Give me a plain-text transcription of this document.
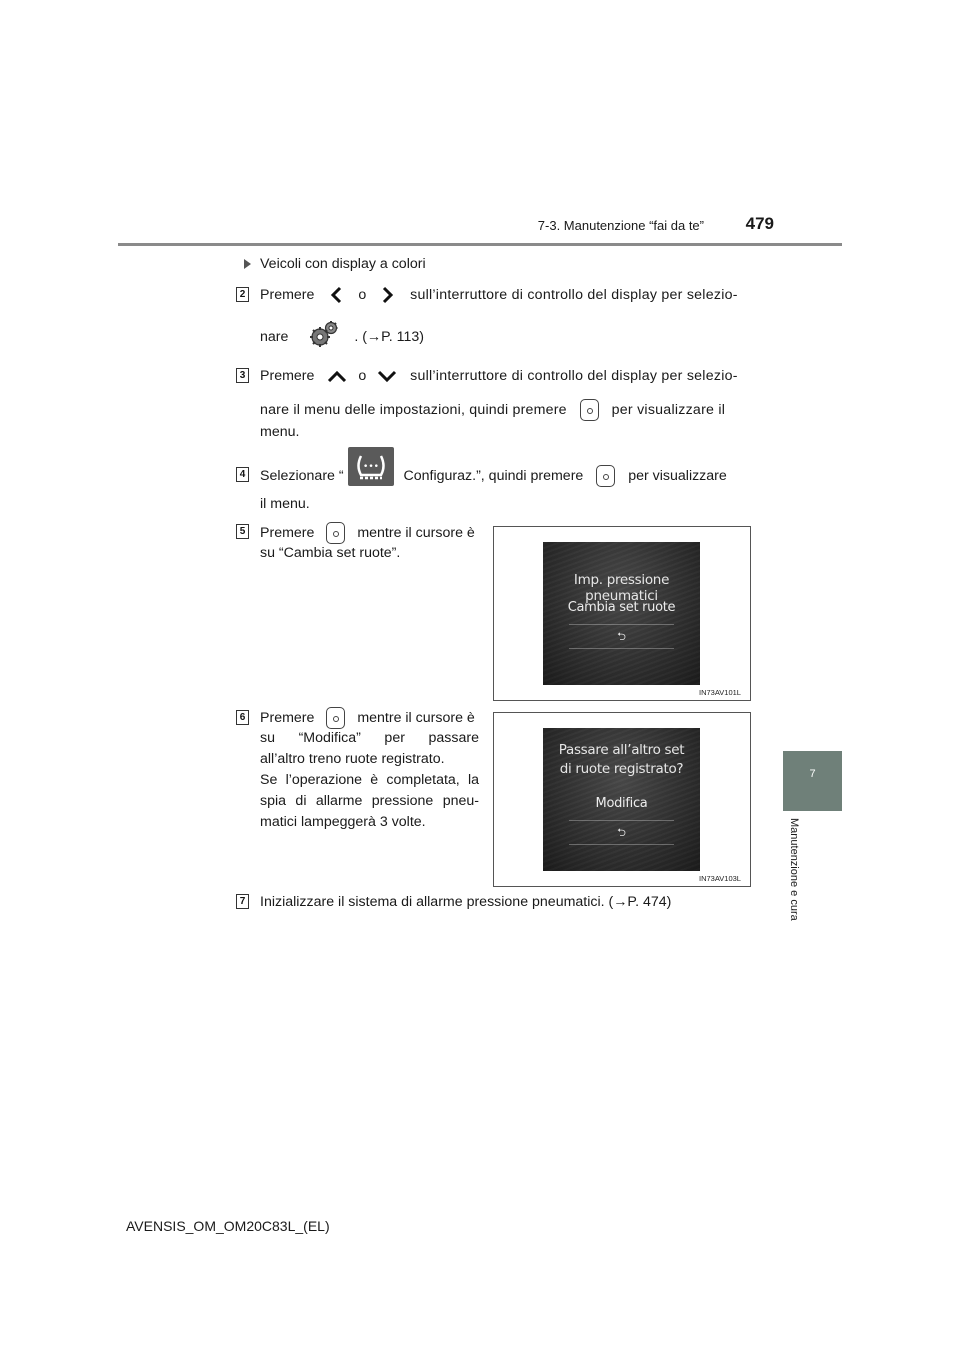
7-3. Manutenzione “fai da te”	479
7
Manutenzione e cura
Veicoli con display a colori
2 Premere	o	sull’interruttore di controllo del display per selezio-
nare	. (→P. 113)
3 Premere	o	sull’interruttore di controllo del display per selezio-
nare il menu delle impostazioni, quindi premere	per visualizzare il
menu.
4 Selezionare “
•••
Configuraz.”, quindi premere	per visualizzare
il menu.
5 Premere	mentre il cursore è
su “Cambia set ruote”.
Imp. pressione pneumatici
Cambia set ruote
⮌
IN73AV101L
6 Premere	mentre il cursore è
su “Modifica” per passare
all’altro treno ruote registrato.
Se l’operazione è completata, la
spia di allarme pressione pneu-
matici lampeggerà 3 volte.
Passare all’altro set
di ruote registrato?
Modifica
⮌
IN73AV103L
7 Inizializzare il sistema di allarme pressione pneumatici. (→P. 474)
AVENSIS_OM_OM20C83L_(EL)
